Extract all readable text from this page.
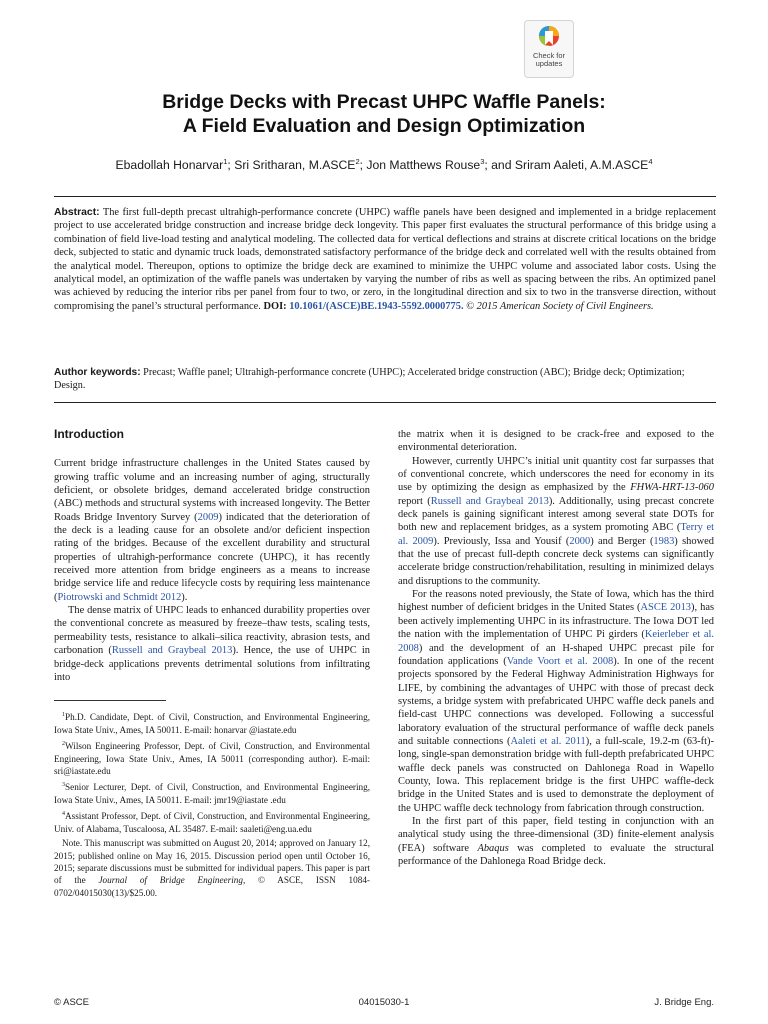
Check for
updates
Bridge Decks with Precast UHPC Waffle Panels:
A Field Evaluation and Design Optimization
Ebadollah Honarvar$^1$; Sri Sritharan, M.ASCE$^2$; Jon Matthews Rouse$^3$; and Sriram Aaleti, A.M.ASCE$^4$

Abstract: The first full-depth precast ultrahigh-performance concrete (UHPC) waffle panels have been designed and implemented in a bridge replacement project to use accelerated bridge construction and increase bridge deck longevity. This paper first evaluates the structural performance of this bridge using a combination of field live-load testing and analytical modeling. The collected data for vertical deflections and strains at discrete critical locations on the bridge deck, subjected to static and dynamic truck loads, demonstrated satisfactory performance of the bridge deck and correlated well with the results obtained from the analytical model. Thereupon, options to optimize the bridge deck are examined to minimize the UHPC volume and associated labor costs. Using the analytical model, an optimization of the waffle panels was undertaken by varying the number of ribs as well as spacing between the ribs. An optimized panel was achieved by reducing the interior ribs per panel from four to two, or zero, in the longitudinal direction and six to two in the transverse direction, without compromising the panel’s structural performance. DOI: 10.1061/(ASCE)BE.1943-5592.0000775. © 2015 American Society of Civil Engineers.

Author keywords: Precast; Waffle panel; Ultrahigh-performance concrete (UHPC); Accelerated bridge construction (ABC); Bridge deck; Optimization; Design.

Introduction

Current bridge infrastructure challenges in the United States caused by growing traffic volume and an increasing number of aging, structurally deficient, or obsolete bridges, demand accelerated bridge construction (ABC) methods and structural systems with increased longevity. The Better Roads Bridge Inventory Survey (2009) indicated that the deterioration of the deck is a leading cause for an obsolete and/or deficient inspection rating of the bridges. Because of the excellent durability and structural properties of ultrahigh-performance concrete (UHPC), it has recently received more attention from bridge engineers as a means to increase bridge service life and reduce lifecycle costs by requiring less maintenance (Piotrowski and Schmidt 2012).

The dense matrix of UHPC leads to enhanced durability properties over the conventional concrete as measured by freeze–thaw tests, scaling tests, permeability tests, resistance to alkali–silica reactivity, abrasion tests, and carbonation (Russell and Graybeal 2013). Hence, the use of UHPC in bridge-deck applications prevents detrimental solutions from infiltrating into

$^1$Ph.D. Candidate, Dept. of Civil, Construction, and Environmental Engineering, Iowa State Univ., Ames, IA 50011. E-mail: honarvar @iastate.edu

$^2$Wilson Engineering Professor, Dept. of Civil, Construction, and Environmental Engineering, Iowa State Univ., Ames, IA 50011 (corresponding author). E-mail: sri@iastate.edu

$^3$Senior Lecturer, Dept. of Civil, Construction, and Environmental Engineering, Iowa State Univ., Ames, IA 50011. E-mail: jmr19@iastate .edu

$^4$Assistant Professor, Dept. of Civil, Construction, and Environmental Engineering, Univ. of Alabama, Tuscaloosa, AL 35487. E-mail: saaleti@eng.ua.edu

Note. This manuscript was submitted on August 20, 2014; approved on January 12, 2015; published online on May 16, 2015. Discussion period open until October 16, 2015; separate discussions must be submitted for individual papers. This paper is part of the Journal of Bridge Engineering, © ASCE, ISSN 1084-0702/04015030(13)/$25.00.

the matrix when it is designed to be crack-free and exposed to the environmental deterioration.

However, currently UHPC’s initial unit quantity cost far surpasses that of conventional concrete, which underscores the need for economy in its use by optimizing the design as emphasized by the FHWA-HRT-13-060 report (Russell and Graybeal 2013). Additionally, using precast concrete deck panels is gaining significant interest among several state DOTs for both new and replacement bridges, as a system promoting ABC (Terry et al. 2009). Previously, Issa and Yousif (2000) and Berger (1983) showed that the use of precast full-depth concrete deck systems can significantly accelerate bridge construction/rehabilitation, resulting in minimized delays and disruptions to the community.

For the reasons noted previously, the State of Iowa, which has the third highest number of deficient bridges in the United States (ASCE 2013), has been actively implementing UHPC in its infrastructure. The Iowa DOT led the nation with the implementation of UHPC Pi girders (Keierleber et al. 2008) and the development of an H-shaped UHPC precast pile for foundation applications (Vande Voort et al. 2008). In one of the recent projects sponsored by the Federal Highway Administration Highways for LIFE, by combining the advantages of UHPC with those of precast deck systems, a bridge system with prefabricated UHPC waffle deck panels and field-cast UHPC connections was developed. Following a successful laboratory evaluation of the structural performance of waffle deck panels and suitable connections (Aaleti et al. 2011), a full-scale, 19.2-m (63-ft)-long, single-span demonstration bridge with full-depth prefabricated UHPC waffle deck panels was constructed on Dahlonega Road in Wapello County, Iowa. This replacement bridge is the first UHPC waffle-deck bridge in the United States and is used to demonstrate the deployment of the UHPC waffle deck technology from fabrication through construction.

In the first part of this paper, field testing in conjunction with an analytical study using the three-dimensional (3D) finite-element analysis (FEA) software Abaqus was completed to evaluate the structural performance of the Dahlonega Road Bridge deck.

© ASCE	04015030-1	J. Bridge Eng.
